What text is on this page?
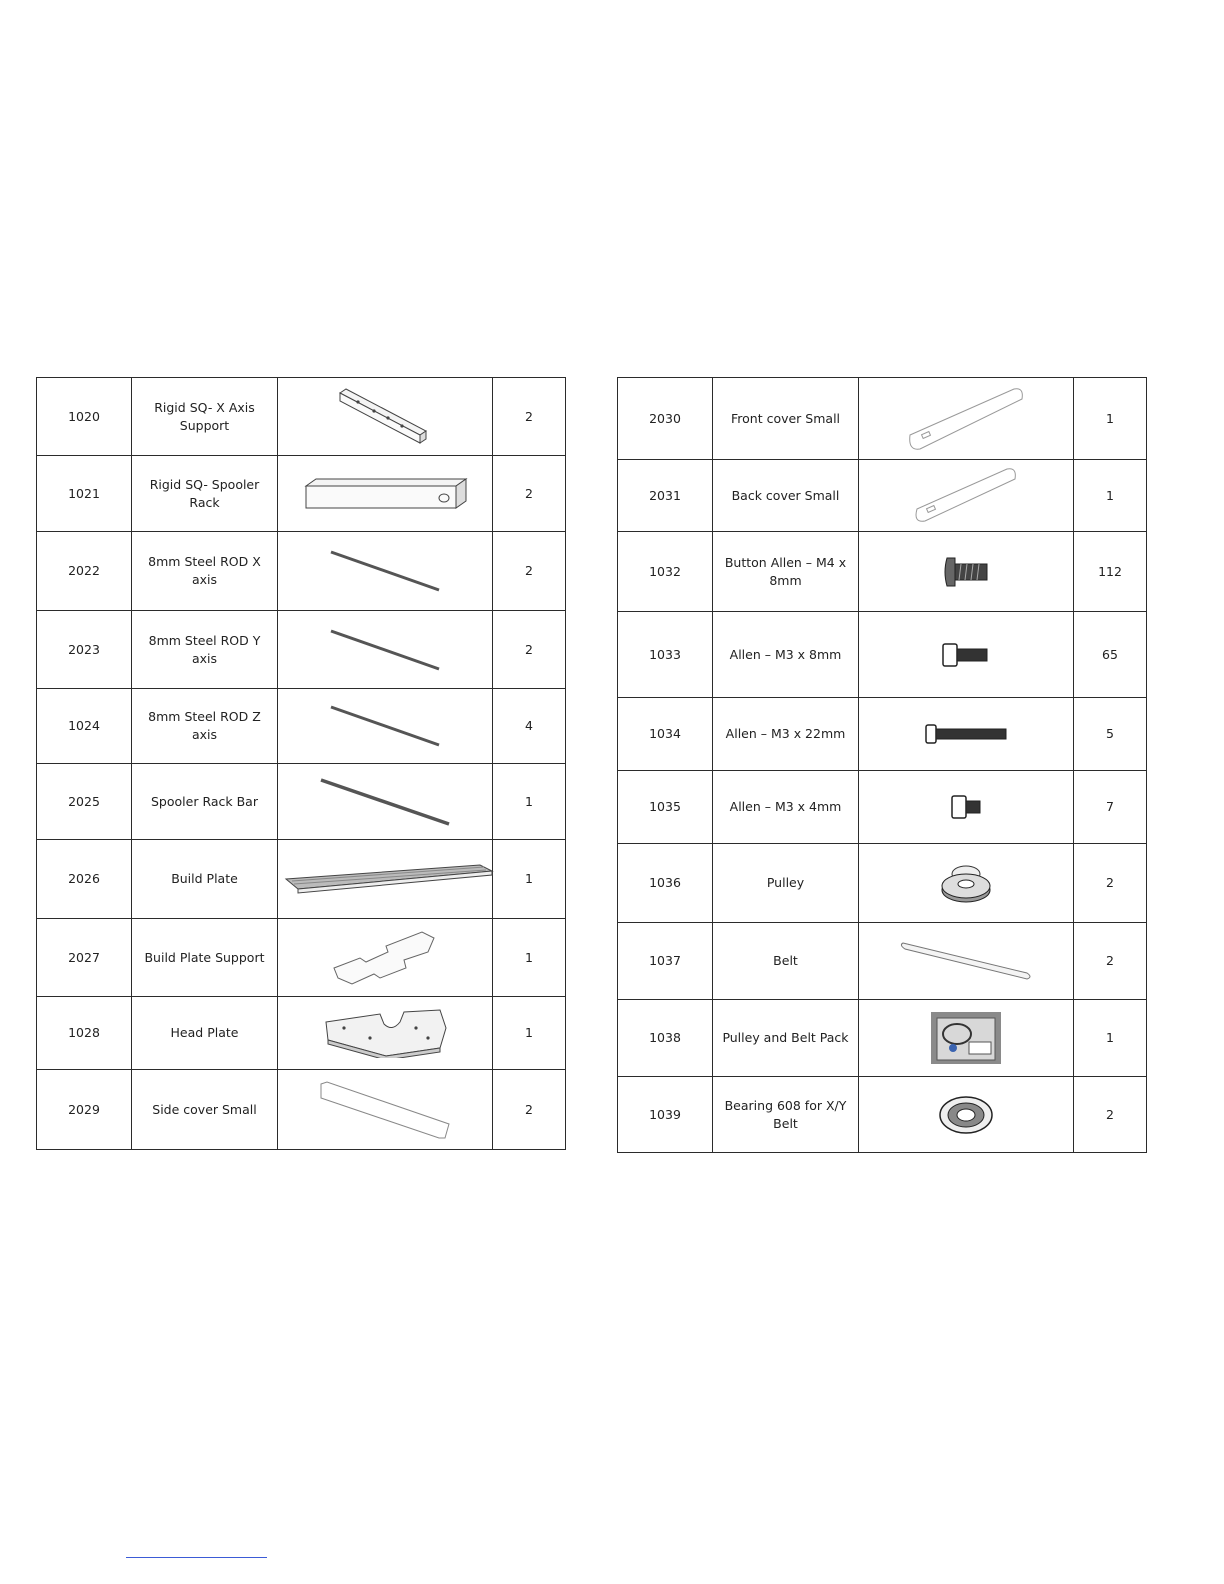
1020	Rigid SQ- X Axis Support		2
1021	Rigid SQ- Spooler Rack		2
2022	8mm Steel ROD X axis		2
2023	8mm Steel ROD Y axis		2
1024	8mm Steel ROD Z axis		4
2025	Spooler Rack Bar		1
2026	Build Plate		1
2027	Build Plate Support		1
1028	Head Plate		1
2029	Side cover Small		2
2030	Front cover Small		1
2031	Back cover Small		1
1032	Button Allen – M4 x 8mm		112
1033	Allen – M3 x 8mm		65
1034	Allen – M3 x 22mm		5
1035	Allen – M3 x 4mm		7
1036	Pulley		2
1037	Belt		2
1038	Pulley and Belt Pack		1
1039	Bearing 608 for X/Y Belt		2
